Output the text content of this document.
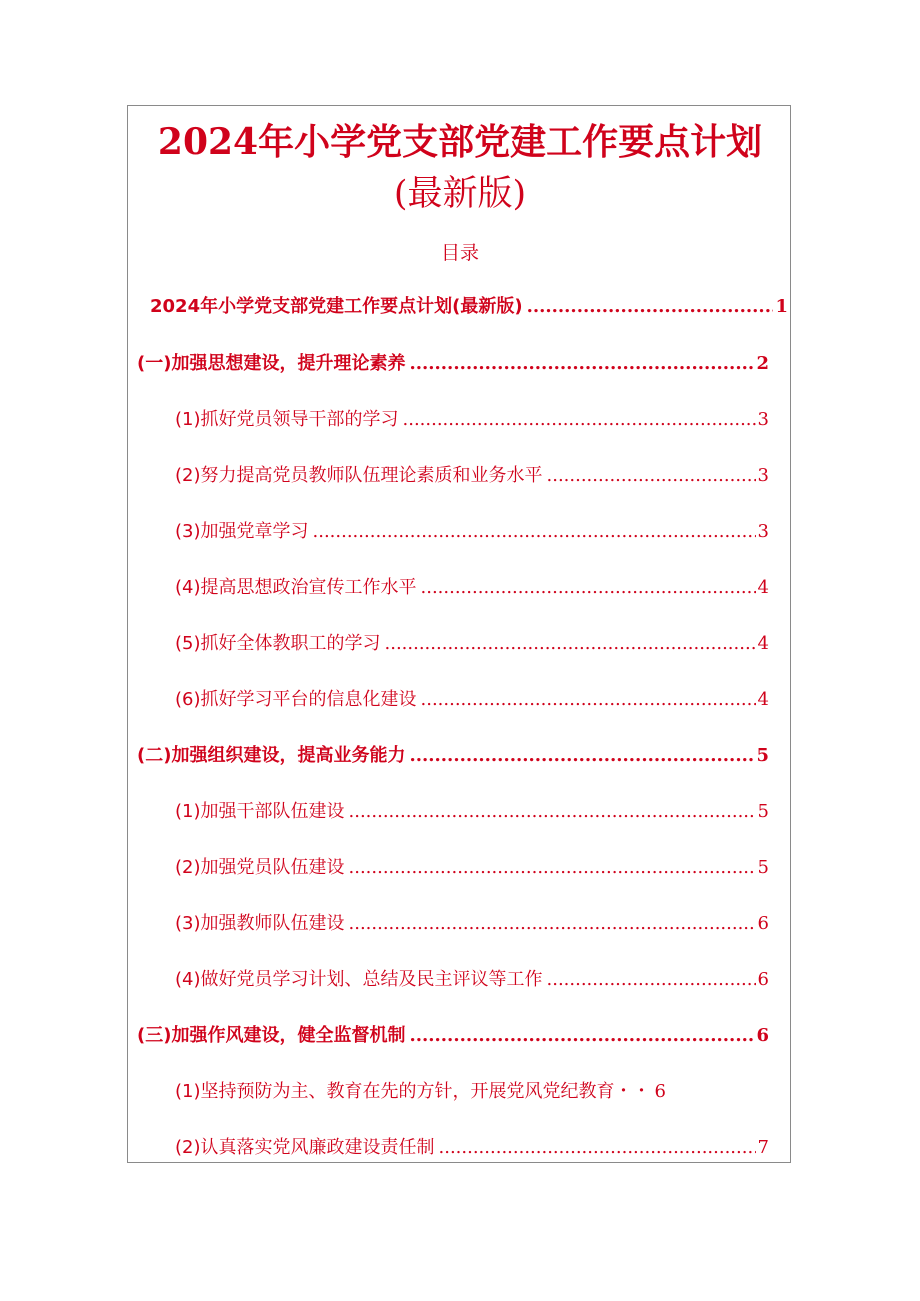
2024年小学党支部党建工作要点计划
(最新版)
目录
2024年小学党支部党建工作要点计划(最新版) .....	1
(一)加强思想建设，提升理论素养 .....	2
(1)抓好党员领导干部的学习 .....	3
(2)努力提高党员教师队伍理论素质和业务水平 .....	3
(3)加强党章学习 .....	3
(4)提高思想政治宣传工作水平 .....	4
(5)抓好全体教职工的学习 .....	4
(6)抓好学习平台的信息化建设 .....	4
(二)加强组织建设，提高业务能力 .....	5
(1)加强干部队伍建设 .....	5
(2)加强党员队伍建设 .....	5
(3)加强教师队伍建设 .....	6
(4)做好党员学习计划、总结及民主评议等工作 .....	6
(三)加强作风建设，健全监督机制 .....	6
(1)坚持预防为主、教育在先的方针，开展党风党纪教育・・ 6
(2)认真落实党风廉政建设责任制 .....	7
